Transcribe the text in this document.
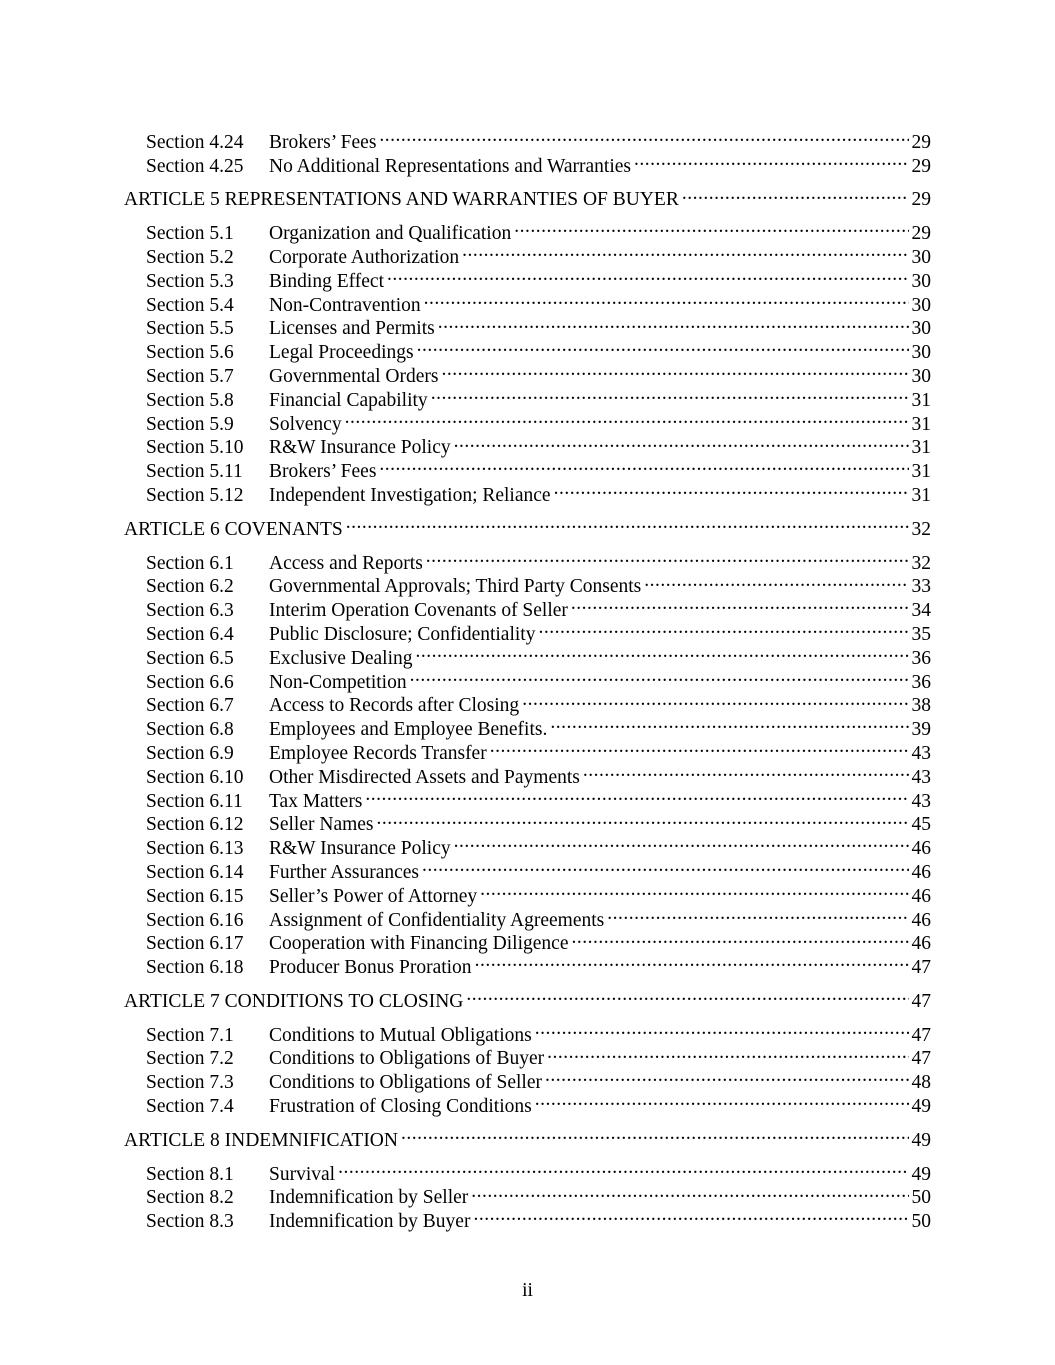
Section 4.24	Brokers’ Fees .....	29
Section 4.25	No Additional Representations and Warranties .....	29
ARTICLE 5 REPRESENTATIONS AND WARRANTIES OF BUYER .....	29
Section 5.1	Organization and Qualification .....	29
Section 5.2	Corporate Authorization .....	30
Section 5.3	Binding Effect .....	30
Section 5.4	Non-Contravention .....	30
Section 5.5	Licenses and Permits .....	30
Section 5.6	Legal Proceedings .....	30
Section 5.7	Governmental Orders .....	30
Section 5.8	Financial Capability .....	31
Section 5.9	Solvency .....	31
Section 5.10	R&W Insurance Policy .....	31
Section 5.11	Brokers’ Fees .....	31
Section 5.12	Independent Investigation; Reliance .....	31
ARTICLE 6 COVENANTS .....	32
Section 6.1	Access and Reports .....	32
Section 6.2	Governmental Approvals; Third Party Consents .....	33
Section 6.3	Interim Operation Covenants of Seller .....	34
Section 6.4	Public Disclosure; Confidentiality .....	35
Section 6.5	Exclusive Dealing .....	36
Section 6.6	Non-Competition .....	36
Section 6.7	Access to Records after Closing .....	38
Section 6.8	Employees and Employee Benefits. .....	39
Section 6.9	Employee Records Transfer .....	43
Section 6.10	Other Misdirected Assets and Payments .....	43
Section 6.11	Tax Matters .....	43
Section 6.12	Seller Names .....	45
Section 6.13	R&W Insurance Policy .....	46
Section 6.14	Further Assurances .....	46
Section 6.15	Seller’s Power of Attorney .....	46
Section 6.16	Assignment of Confidentiality Agreements .....	46
Section 6.17	Cooperation with Financing Diligence .....	46
Section 6.18	Producer Bonus Proration .....	47
ARTICLE 7 CONDITIONS TO CLOSING .....	47
Section 7.1	Conditions to Mutual Obligations .....	47
Section 7.2	Conditions to Obligations of Buyer .....	47
Section 7.3	Conditions to Obligations of Seller .....	48
Section 7.4	Frustration of Closing Conditions .....	49
ARTICLE 8 INDEMNIFICATION .....	49
Section 8.1	Survival .....	49
Section 8.2	Indemnification by Seller .....	50
Section 8.3	Indemnification by Buyer .....	50
ii
